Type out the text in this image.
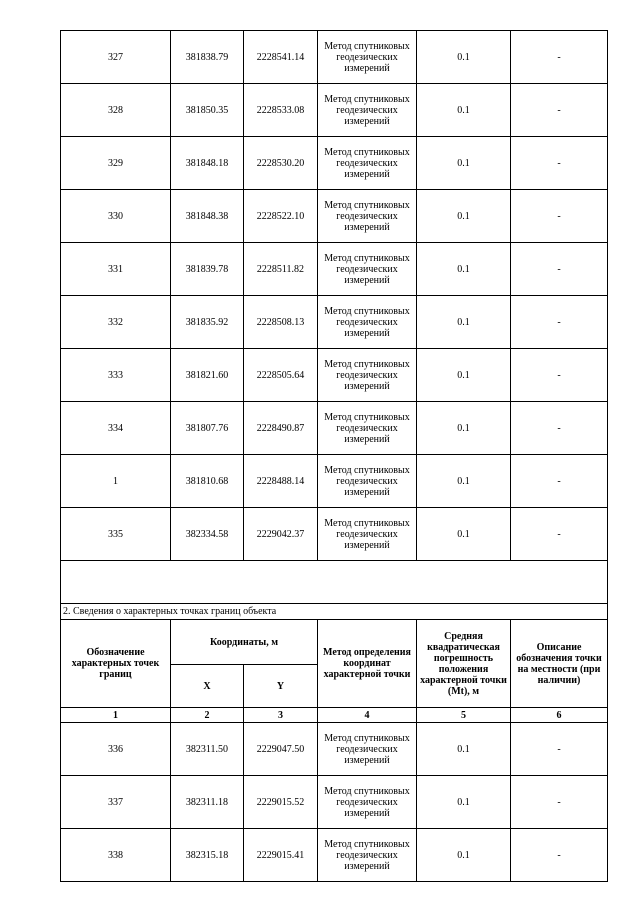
327	381838.79	2228541.14	Метод спутниковых геодезических измерений	0.1	-
328	381850.35	2228533.08	Метод спутниковых геодезических измерений	0.1	-
329	381848.18	2228530.20	Метод спутниковых геодезических измерений	0.1	-
330	381848.38	2228522.10	Метод спутниковых геодезических измерений	0.1	-
331	381839.78	2228511.82	Метод спутниковых геодезических измерений	0.1	-
332	381835.92	2228508.13	Метод спутниковых геодезических измерений	0.1	-
333	381821.60	2228505.64	Метод спутниковых геодезических измерений	0.1	-
334	381807.76	2228490.87	Метод спутниковых геодезических измерений	0.1	-
1	381810.68	2228488.14	Метод спутниковых геодезических измерений	0.1	-
335	382334.58	2229042.37	Метод спутниковых геодезических измерений	0.1	-

2. Сведения о характерных точках границ объекта					
Обозначение характерных точек границ	Координаты, м		Метод определения координат характерной точки	Средняя квадратическая погрешность положения характерной точки (Mt), м	Описание обозначения точки на местности (при наличии)
	X	Y			
1	2	3	4	5	6
336	382311.50	2229047.50	Метод спутниковых геодезических измерений	0.1	-
337	382311.18	2229015.52	Метод спутниковых геодезических измерений	0.1	-
338	382315.18	2229015.41	Метод спутниковых геодезических измерений	0.1	-
